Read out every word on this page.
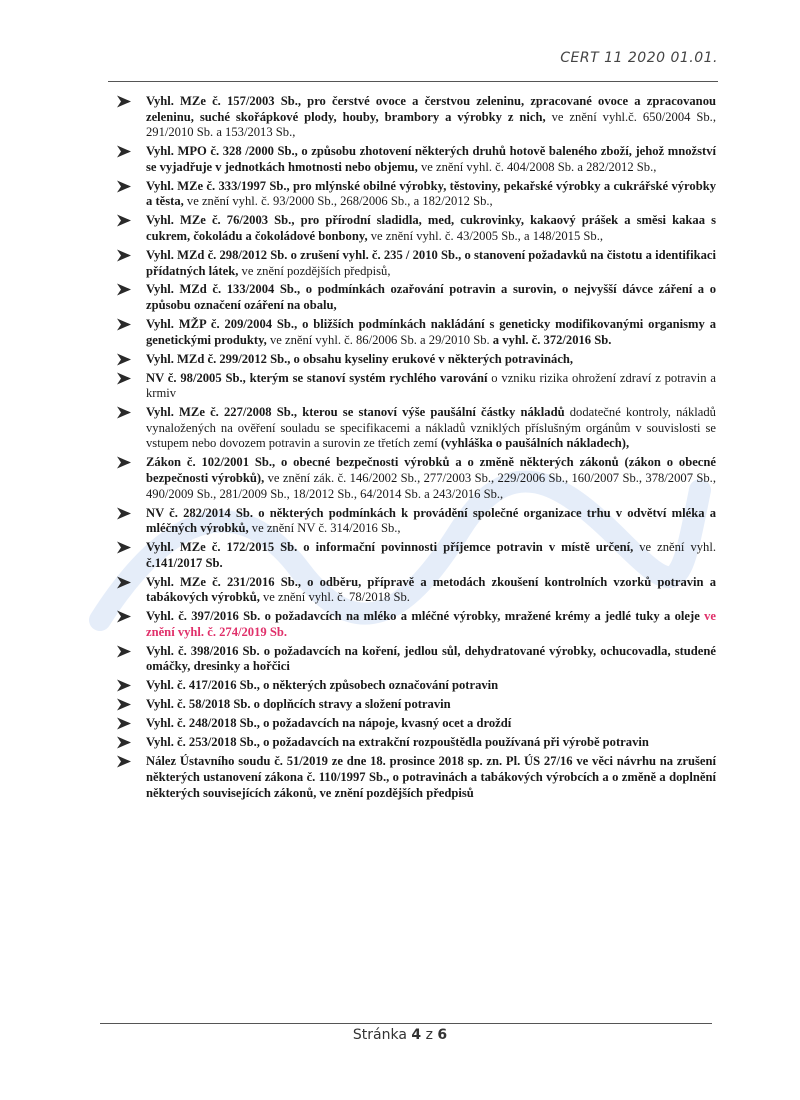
CERT 11 2020 01.01.
Vyhl. MZe č. 157/2003 Sb., pro čerstvé ovoce a čerstvou zeleninu, zpracované ovoce a zpracovanou zeleninu, suché skořápkové plody, houby, brambory a výrobky z nich, ve znění vyhl.č. 650/2004 Sb., 291/2010 Sb. a 153/2013 Sb.,
Vyhl. MPO č. 328 /2000 Sb., o způsobu zhotovení některých druhů hotově baleného zboží, jehož množství se vyjadřuje v jednotkách hmotnosti nebo objemu, ve znění vyhl. č. 404/2008 Sb. a 282/2012 Sb.,
Vyhl. MZe č. 333/1997 Sb., pro mlýnské obilné výrobky, těstoviny, pekařské výrobky a cukrářské výrobky a těsta, ve znění vyhl. č. 93/2000 Sb., 268/2006 Sb., a 182/2012 Sb.,
Vyhl. MZe č. 76/2003 Sb., pro přírodní sladidla, med, cukrovinky, kakaový prášek a směsi kakaa s cukrem, čokoládu a čokoládové bonbony, ve znění vyhl. č. 43/2005 Sb., a 148/2015 Sb.,
Vyhl. MZd č. 298/2012 Sb. o zrušení vyhl. č. 235 / 2010 Sb., o stanovení požadavků na čistotu a identifikaci přídatných látek, ve znění pozdějších předpisů,
Vyhl. MZd č. 133/2004 Sb., o podmínkách ozařování potravin a surovin, o nejvyšší dávce záření a o způsobu označení ozáření na obalu,
Vyhl. MŽP č. 209/2004 Sb., o bližších podmínkách nakládání s geneticky modifikovanými organismy a genetickými produkty, ve znění vyhl. č. 86/2006 Sb. a 29/2010 Sb. a vyhl. č. 372/2016 Sb.
Vyhl. MZd č. 299/2012 Sb., o obsahu kyseliny erukové v některých potravinách,
NV č. 98/2005 Sb., kterým se stanoví systém rychlého varování o vzniku rizika ohrožení zdraví z potravin a krmiv
Vyhl. MZe č. 227/2008 Sb., kterou se stanoví výše paušální částky nákladů dodatečné kontroly, nákladů vynaložených na ověření souladu se specifikacemi a nákladů vzniklých příslušným orgánům v souvislosti se vstupem nebo dovozem potravin a surovin ze třetích zemí (vyhláška o paušálních nákladech),
Zákon č. 102/2001 Sb., o obecné bezpečnosti výrobků a o změně některých zákonů (zákon o obecné bezpečnosti výrobků), ve znění zák. č. 146/2002 Sb., 277/2003 Sb., 229/2006 Sb., 160/2007 Sb., 378/2007 Sb., 490/2009 Sb., 281/2009 Sb., 18/2012 Sb., 64/2014 Sb. a 243/2016 Sb.,
NV č. 282/2014 Sb. o některých podmínkách k provádění společné organizace trhu v odvětví mléka a mléčných výrobků, ve znění NV č. 314/2016 Sb.,
Vyhl. MZe č. 172/2015 Sb. o informační povinnosti příjemce potravin v místě určení, ve znění vyhl. č.141/2017 Sb.
Vyhl. MZe č. 231/2016 Sb., o odběru, přípravě a metodách zkoušení kontrolních vzorků potravin a tabákových výrobků, ve znění vyhl. č. 78/2018 Sb.
Vyhl. č. 397/2016 Sb. o požadavcích na mléko a mléčné výrobky, mražené krémy a jedlé tuky a oleje ve znění vyhl. č. 274/2019 Sb.
Vyhl. č. 398/2016 Sb. o požadavcích na koření, jedlou sůl, dehydratované výrobky, ochucovadla, studené omáčky, dresinky a hořčici
Vyhl. č. 417/2016 Sb., o některých způsobech označování potravin
Vyhl. č. 58/2018 Sb. o doplňcích stravy a složení potravin
Vyhl. č. 248/2018 Sb., o požadavcích na nápoje, kvasný ocet a droždí
Vyhl. č. 253/2018 Sb., o požadavcích na extrakční rozpouštědla používaná při výrobě potravin
Nález Ústavního soudu č. 51/2019 ze dne 18. prosince 2018 sp. zn. Pl. ÚS 27/16 ve věci návrhu na zrušení některých ustanovení zákona č. 110/1997 Sb., o potravinách a tabákových výrobcích a o změně a doplnění některých souvisejících zákonů, ve znění pozdějších předpisů
Stránka 4 z 6
